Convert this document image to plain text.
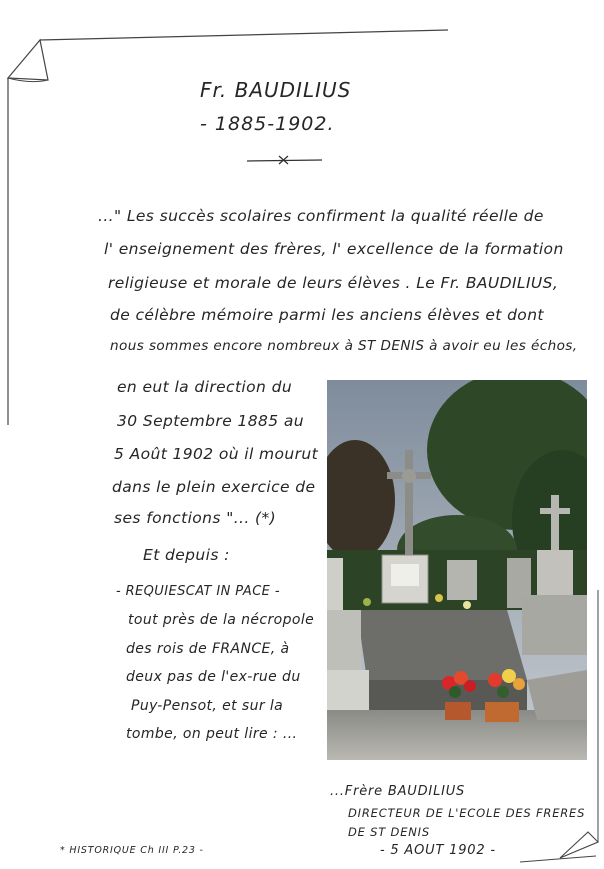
Fr. BAUDILIUS
- 1885-1902.
..." Les succès scolaires confirment la qualité réelle de
l' enseignement des frères, l' excellence de la formation
religieuse et morale de leurs élèves . Le Fr. BAUDILIUS,
de célèbre mémoire parmi les anciens élèves et dont
nous sommes encore nombreux à ST DENIS à avoir eu les échos,
en eut la direction du
30 Septembre 1885 au
5 Août 1902 où il mourut
dans le plein exercice de
ses fonctions "... (*)
Et depuis :
- REQUIESCAT IN PACE -
tout près de la nécropole
des rois de FRANCE, à
deux pas de l'ex-rue du
Puy-Pensot, et sur la
tombe, on peut lire : ...
...Frère BAUDILIUS
DIRECTEUR DE L'ECOLE DES FRERES
DE ST DENIS
- 5 AOUT 1902 -
* HISTORIQUE Ch III P.23 -
